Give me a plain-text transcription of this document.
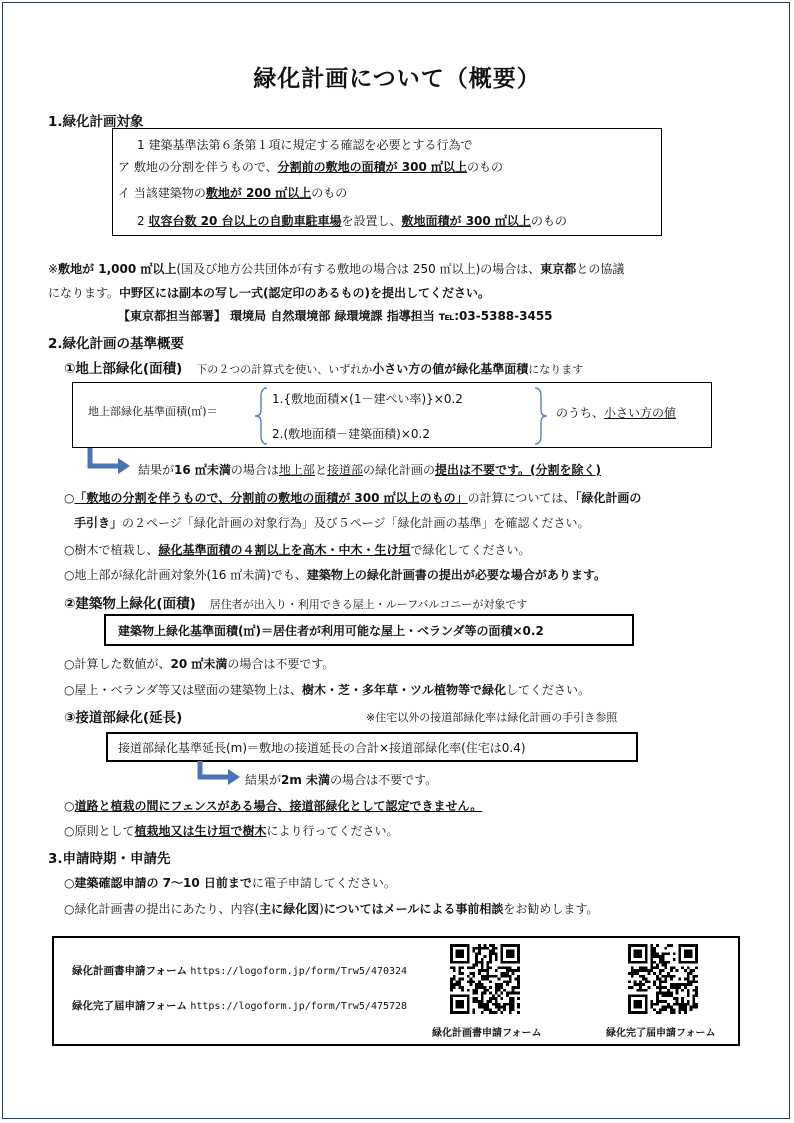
緑化計画について（概要）
1.緑化計画対象
1 建築基準法第６条第１項に規定する確認を必要とする行為で
ア 敷地の分割を伴うもので、分割前の敷地の面積が 300 ㎡以上のもの
イ 当該建築物の敷地が 200 ㎡以上のもの
2 収容台数 20 台以上の自動車駐車場を設置し、敷地面積が 300 ㎡以上のもの
※敷地が 1,000 ㎡以上(国及び地方公共団体が有する敷地の場合は 250 ㎡以上)の場合は、東京都との協議
になります。中野区には副本の写し一式(認定印のあるもの)を提出してください。
【東京都担当部署】 環境局 自然環境部 緑環境課 指導担当 ℡:03-5388-3455
2.緑化計画の基準概要
①地上部緑化(面積) 下の２つの計算式を使い、いずれか小さい方の値が緑化基準面積になります
地上部緑化基準面積(㎡)＝
1.{敷地面積×(1－建ぺい率)}×0.2
2.(敷地面積－建築面積)×0.2
のうち、小さい方の値
結果が16 ㎡未満の場合は地上部と接道部の緑化計画の提出は不要です。(分割を除く)
○「敷地の分割を伴うもので、分割前の敷地の面積が 300 ㎡以上のもの」の計算については、「緑化計画の
手引き」の２ページ「緑化計画の対象行為」及び５ページ「緑化計画の基準」を確認ください。
○樹木で植栽し、緑化基準面積の４割以上を高木・中木・生け垣で緑化してください。
○地上部が緑化計画対象外(16 ㎡未満)でも、建築物上の緑化計画書の提出が必要な場合があります。
②建築物上緑化(面積) 居住者が出入り・利用できる屋上・ルーフバルコニーが対象です
建築物上緑化基準面積(㎡)＝居住者が利用可能な屋上・ベランダ等の面積×0.2
○計算した数値が、20 ㎡未満の場合は不要です。
○屋上・ベランダ等又は壁面の建築物上は、樹木・芝・多年草・ツル植物等で緑化してください。
③接道部緑化(延長)	※住宅以外の接道部緑化率は緑化計画の手引き参照
接道部緑化基準延長(m)＝敷地の接道延長の合計×接道部緑化率(住宅は0.4)
結果が2m 未満の場合は不要です。
○道路と植栽の間にフェンスがある場合、接道部緑化として認定できません。
○原則として植栽地又は生け垣で樹木により行ってください。
3.申請時期・申請先
○建築確認申請の 7～10 日前までに電子申請してください。
○緑化計画書の提出にあたり、内容(主に緑化図)についてはメールによる事前相談をお勧めします。
緑化計画書申請フォーム https://logoform.jp/form/Trw5/470324
緑化完了届申請フォーム https://logoform.jp/form/Trw5/475728
緑化計画書申請フォーム	緑化完了届申請フォーム
